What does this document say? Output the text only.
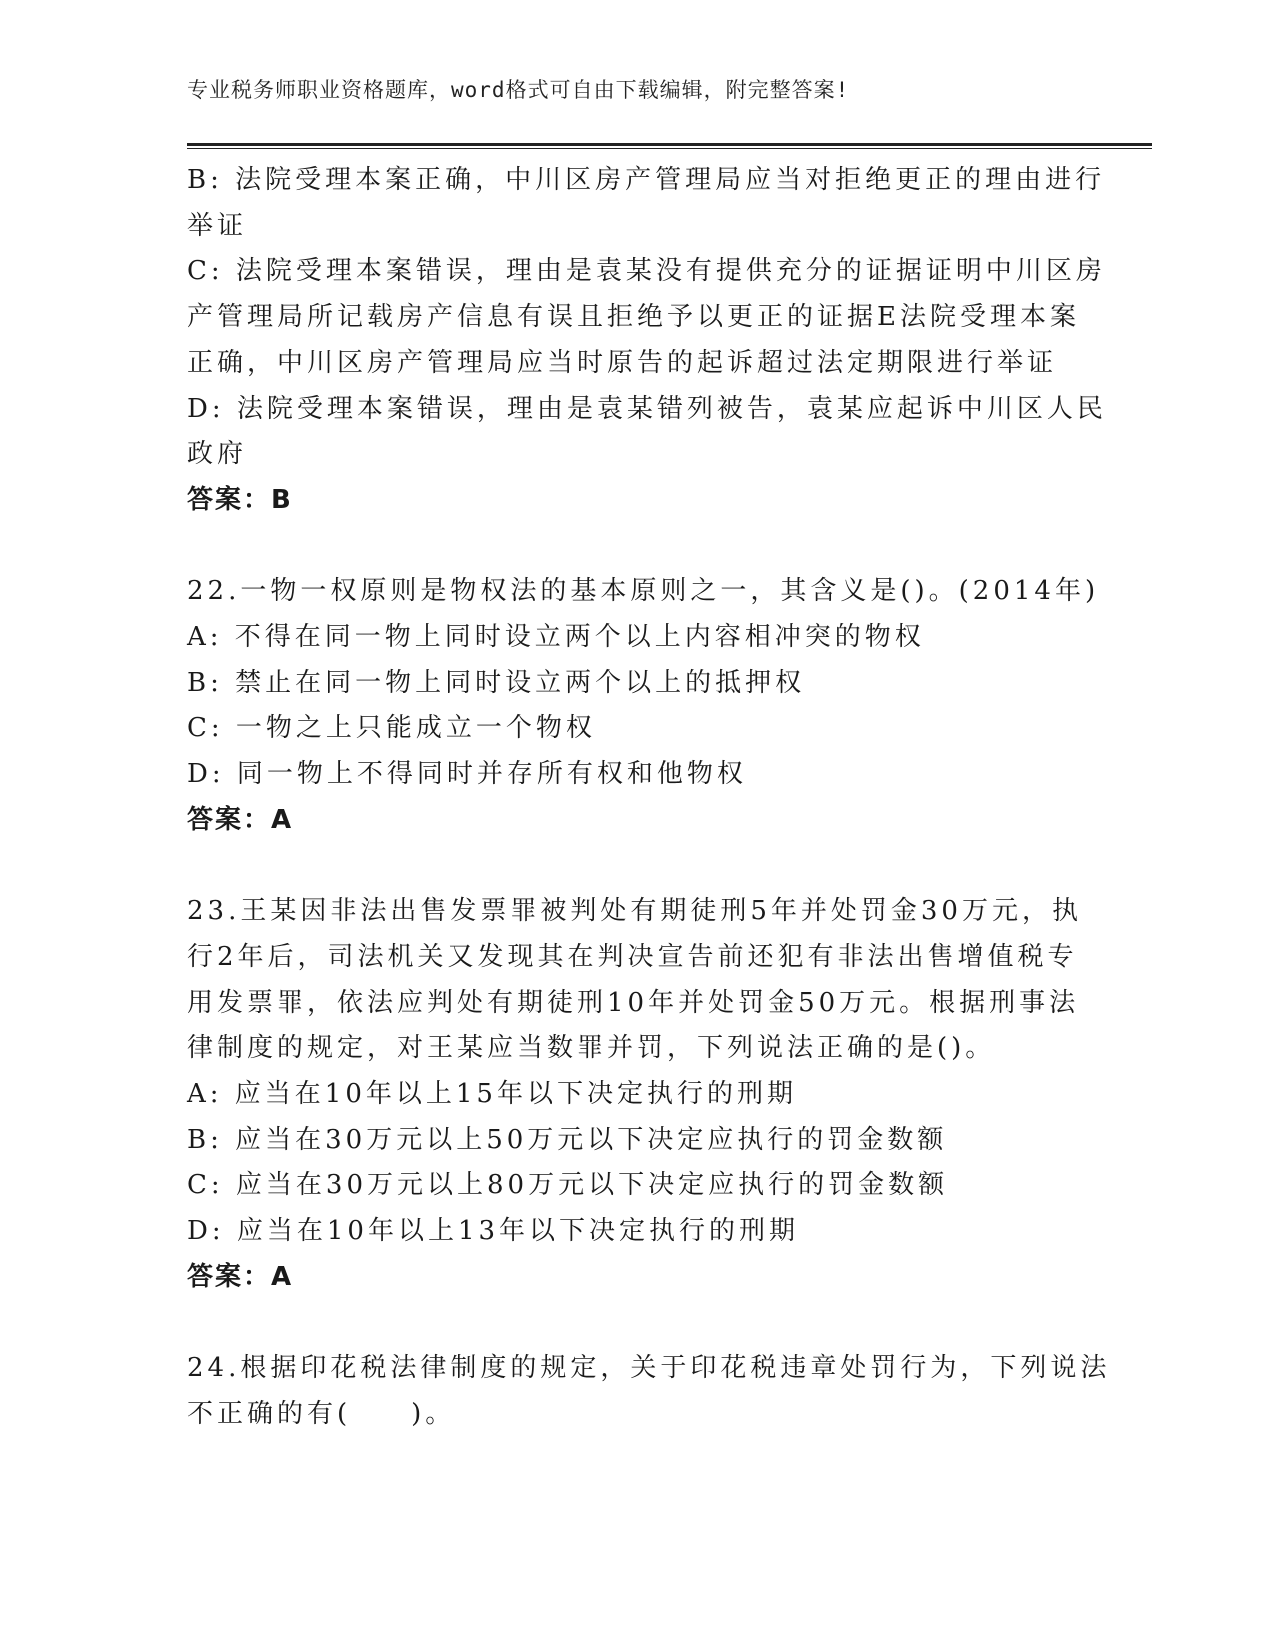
专业税务师职业资格题库，word格式可自由下载编辑，附完整答案!
B: 法院受理本案正确，中川区房产管理局应当对拒绝更正的理由进行
举证
C: 法院受理本案错误，理由是袁某没有提供充分的证据证明中川区房
产管理局所记载房产信息有误且拒绝予以更正的证据E法院受理本案
正确，中川区房产管理局应当时原告的起诉超过法定期限进行举证
D: 法院受理本案错误，理由是袁某错列被告，袁某应起诉中川区人民
政府
答案：B
22.一物一权原则是物权法的基本原则之一，其含义是()。(2014年)
A: 不得在同一物上同时设立两个以上内容相冲突的物权
B: 禁止在同一物上同时设立两个以上的抵押权
C: 一物之上只能成立一个物权
D: 同一物上不得同时并存所有权和他物权
答案：A
23.王某因非法出售发票罪被判处有期徒刑5年并处罚金30万元，执
行2年后，司法机关又发现其在判决宣告前还犯有非法出售增值税专
用发票罪，依法应判处有期徒刑10年并处罚金50万元。根据刑事法
律制度的规定，对王某应当数罪并罚，下列说法正确的是()。
A: 应当在10年以上15年以下决定执行的刑期
B: 应当在30万元以上50万元以下决定应执行的罚金数额
C: 应当在30万元以上80万元以下决定应执行的罚金数额
D: 应当在10年以上13年以下决定执行的刑期
答案：A
24.根据印花税法律制度的规定，关于印花税违章处罚行为，下列说法
不正确的有(　　)。
